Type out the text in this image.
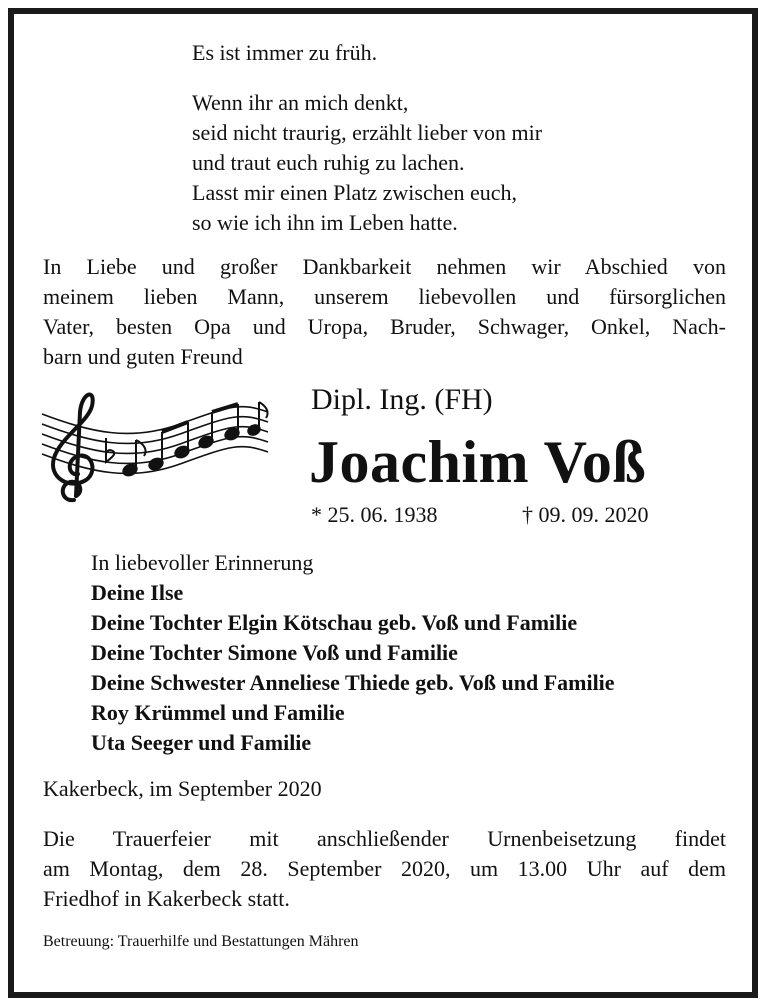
Es ist immer zu früh.
Wenn ihr an mich denkt,
seid nicht traurig, erzählt lieber von mir
und traut euch ruhig zu lachen.
Lasst mir einen Platz zwischen euch,
so wie ich ihn im Leben hatte.
In Liebe und großer Dankbarkeit nehmen wir Abschied von
meinem lieben Mann, unserem liebevollen und fürsorglichen
Vater, besten Opa und Uropa, Bruder, Schwager, Onkel, Nach-
barn und guten Freund
Dipl. Ing. (FH)
Joachim Voß
* 25. 06. 1938	† 09. 09. 2020
In liebevoller Erinnerung
Deine Ilse
Deine Tochter Elgin Kötschau geb. Voß und Familie
Deine Tochter Simone Voß und Familie
Deine Schwester Anneliese Thiede geb. Voß und Familie
Roy Krümmel und Familie
Uta Seeger und Familie
Kakerbeck, im September 2020
Die Trauerfeier mit anschließender Urnenbeisetzung findet
am Montag, dem 28. September 2020, um 13.00 Uhr auf dem
Friedhof in Kakerbeck statt.
Betreuung: Trauerhilfe und Bestattungen Mähren
